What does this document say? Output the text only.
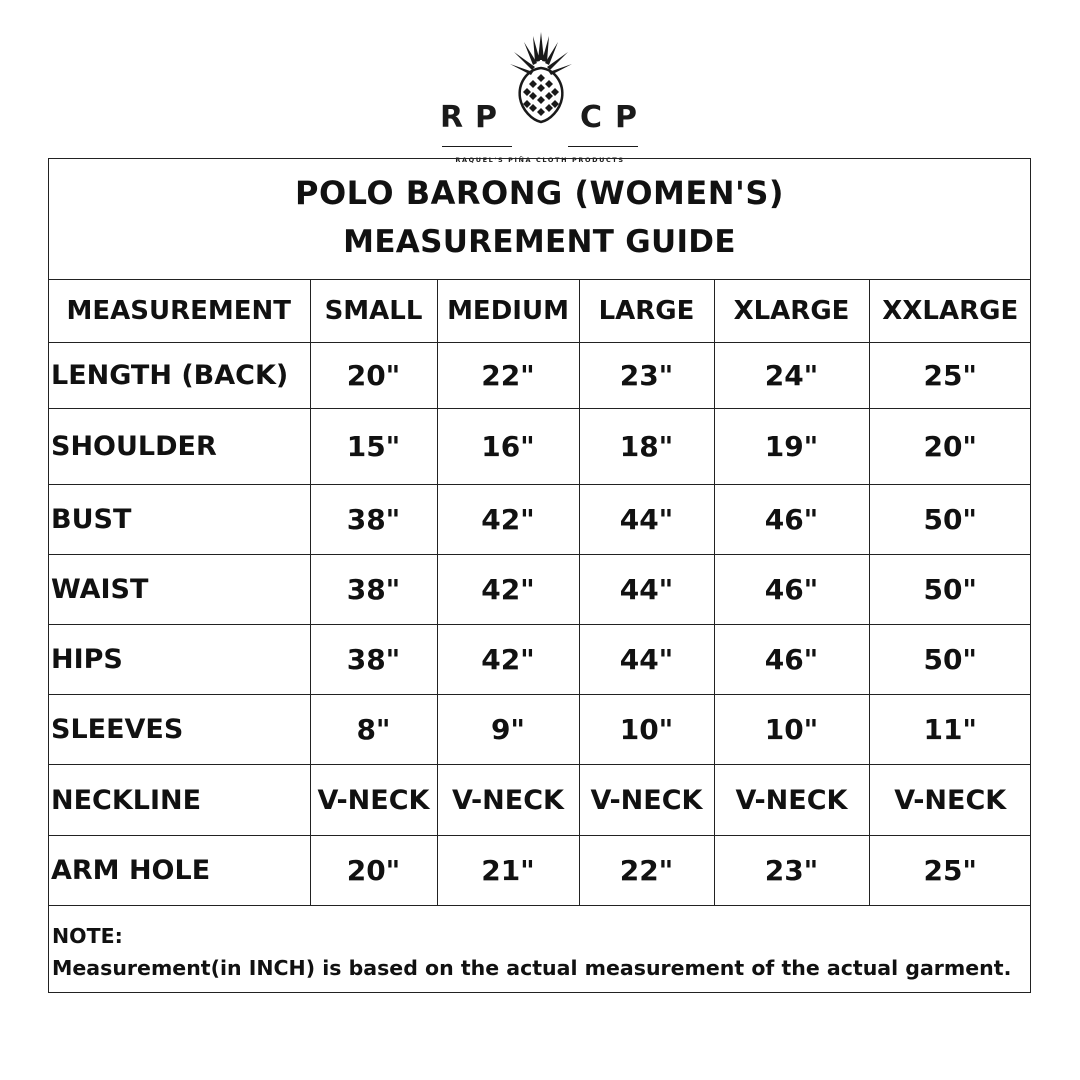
R P	C P
RAQUEL'S PIÑA CLOTH PRODUCTS
POLO BARONG (WOMEN'S)
MEASUREMENT GUIDE
MEASUREMENT	SMALL	MEDIUM	LARGE	XLARGE	XXLARGE
LENGTH (BACK)	20"	22"	23"	24"	25"
SHOULDER	15"	16"	18"	19"	20"
BUST	38"	42"	44"	46"	50"
WAIST	38"	42"	44"	46"	50"
HIPS	38"	42"	44"	46"	50"
SLEEVES	8"	9"	10"	10"	11"
NECKLINE	V-NECK	V-NECK	V-NECK	V-NECK	V-NECK
ARM HOLE	20"	21"	22"	23"	25"
NOTE:
Measurement(in INCH) is based on the actual measurement of the actual garment.
